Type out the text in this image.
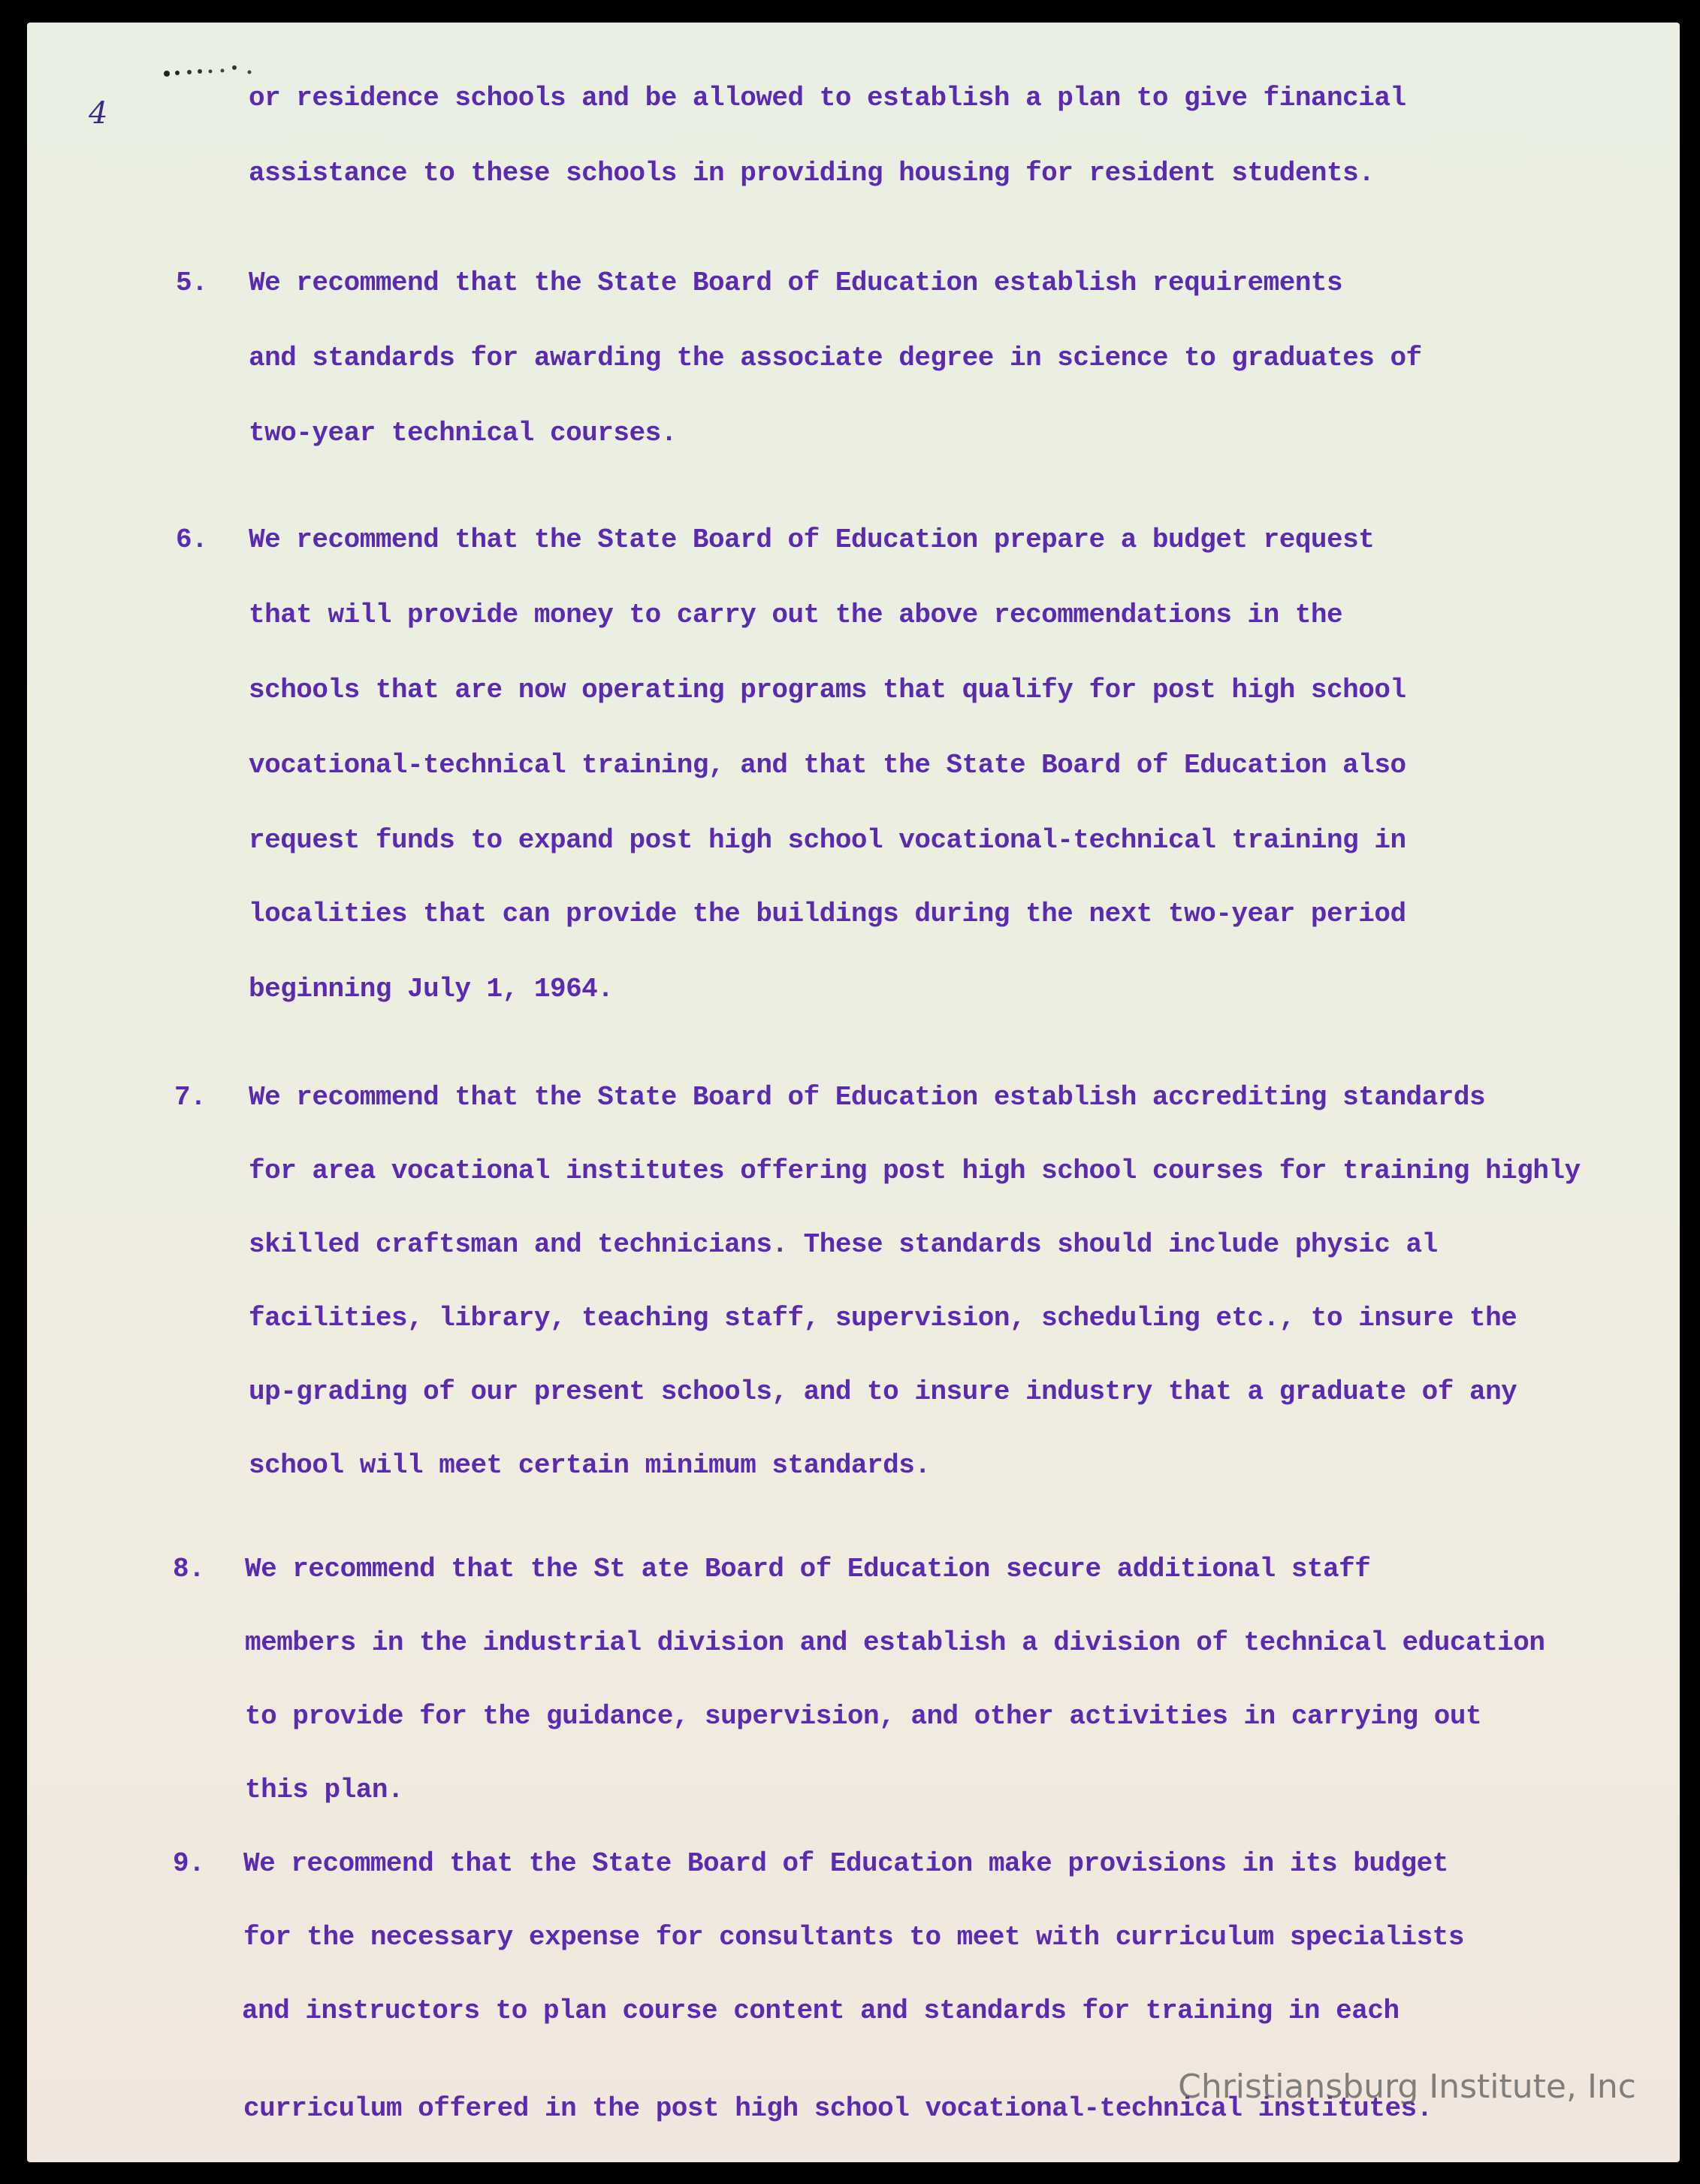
4	or residence schools and be allowed to establish a plan to give financial
assistance to these schools in providing housing for resident students.
5. We recommend that the State Board of Education establish requirements
and standards for awarding the associate degree in science to graduates of
two-year technical courses.
6. We recommend that the State Board of Education prepare a budget request
that will provide money to carry out the above recommendations in the
schools that are now operating programs that qualify for post high school
vocational-technical training, and that the State Board of Education also
request funds to expand post high school vocational-technical training in
localities that can provide the buildings during the next two-year period
beginning July 1, 1964.
7. We recommend that the State Board of Education establish accrediting standards
for area vocational institutes offering post high school courses for training highly
skilled craftsman and technicians. These standards should include physic al
facilities, library, teaching staff, supervision, scheduling etc., to insure the
up-grading of our present schools, and to insure industry that a graduate of any
school will meet certain minimum standards.
8. We recommend that the St ate Board of Education secure additional staff
members in the industrial division and establish a division of technical education
to provide for the guidance, supervision, and other activities in carrying out
this plan.
9. We recommend that the State Board of Education make provisions in its budget
for the necessary expense for consultants to meet with curriculum specialists
and instructors to plan course content and standards for training in each
curriculum offered in the post high school vocational-technical institutes.
Christiansburg Institute, Inc
